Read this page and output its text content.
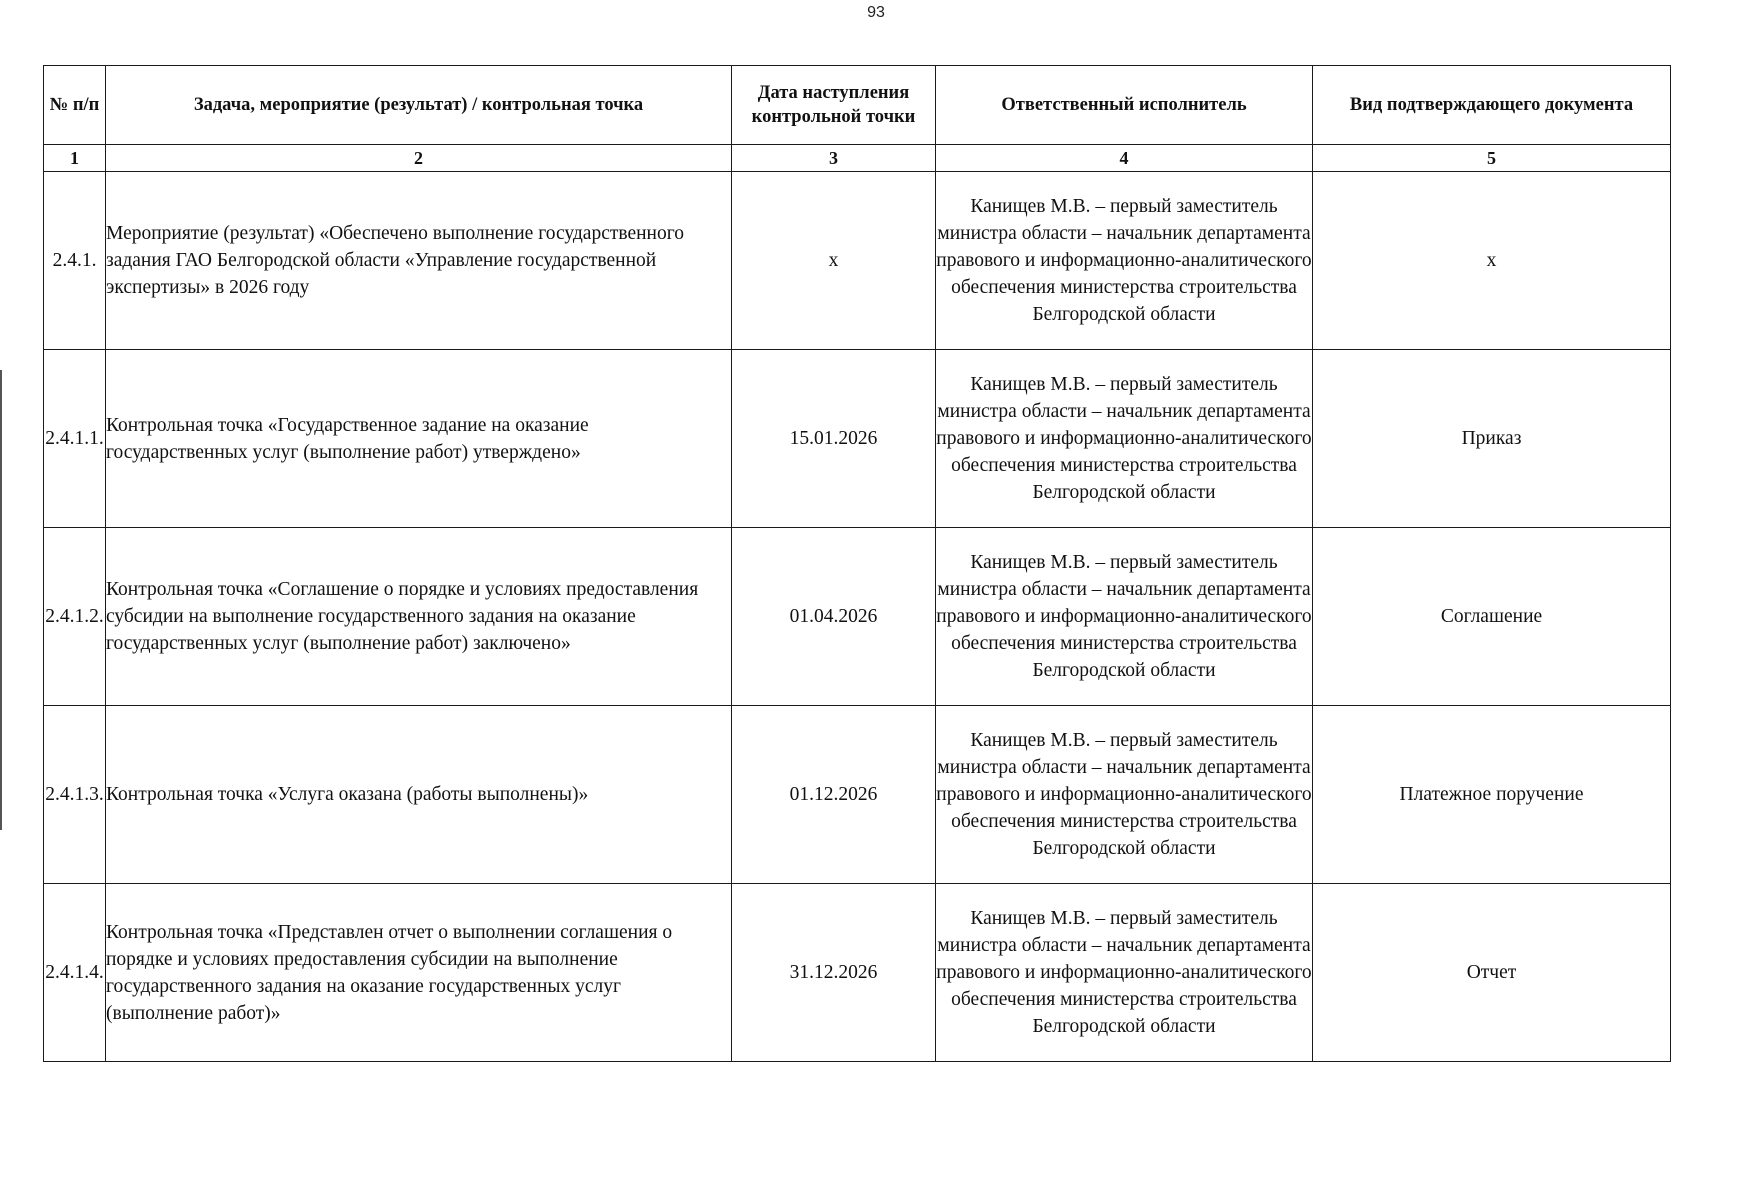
93
№ п/п	Задача, мероприятие (результат) / контрольная точка	Дата наступления контрольной точки	Ответственный исполнитель	Вид подтверждающего документа
1	2	3	4	5
2.4.1.	Мероприятие (результат) «Обеспечено выполнение государственного задания ГАО Белгородской области «Управление государственной экспертизы» в 2026 году	x	Канищев М.В. – первый заместитель министра области – начальник департамента правового и информационно-аналитического обеспечения министерства строительства Белгородской области	x
2.4.1.1.	Контрольная точка «Государственное задание на оказание государственных услуг (выполнение работ) утверждено»	15.01.2026	Канищев М.В. – первый заместитель министра области – начальник департамента правового и информационно-аналитического обеспечения министерства строительства Белгородской области	Приказ
2.4.1.2.	Контрольная точка «Соглашение о порядке и условиях предоставления субсидии на выполнение государственного задания на оказание государственных услуг (выполнение работ) заключено»	01.04.2026	Канищев М.В. – первый заместитель министра области – начальник департамента правового и информационно-аналитического обеспечения министерства строительства Белгородской области	Соглашение
2.4.1.3.	Контрольная точка «Услуга оказана (работы выполнены)»	01.12.2026	Канищев М.В. – первый заместитель министра области – начальник департамента правового и информационно-аналитического обеспечения министерства строительства Белгородской области	Платежное поручение
2.4.1.4.	Контрольная точка «Представлен отчет о выполнении соглашения о порядке и условиях предоставления субсидии на выполнение государственного задания на оказание государственных услуг (выполнение работ)»	31.12.2026	Канищев М.В. – первый заместитель министра области – начальник департамента правового и информационно-аналитического обеспечения министерства строительства Белгородской области	Отчет
